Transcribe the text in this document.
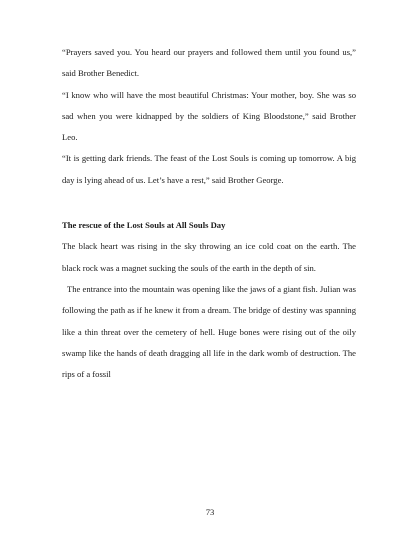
“Prayers saved you. You heard our prayers and followed them until you found us,” said Brother Benedict.

“I know who will have the most beautiful Christmas: Your mother, boy. She was so sad when you were kidnapped by the soldiers of King Bloodstone,” said Brother Leo.

“It is getting dark friends. The feast of the Lost Souls is coming up tomorrow. A big day is lying ahead of us. Let’s have a rest,” said Brother George.

The rescue of the Lost Souls at All Souls Day

The black heart was rising in the sky throwing an ice cold coat on the earth. The black rock was a magnet sucking the souls of the earth in the depth of sin.

The entrance into the mountain was opening like the jaws of a giant fish. Julian was following the path as if he knew it from a dream. The bridge of destiny was spanning like a thin threat over the cemetery of hell. Huge bones were rising out of the oily swamp like the hands of death dragging all life in the dark womb of destruction. The rips of a fossil

73
